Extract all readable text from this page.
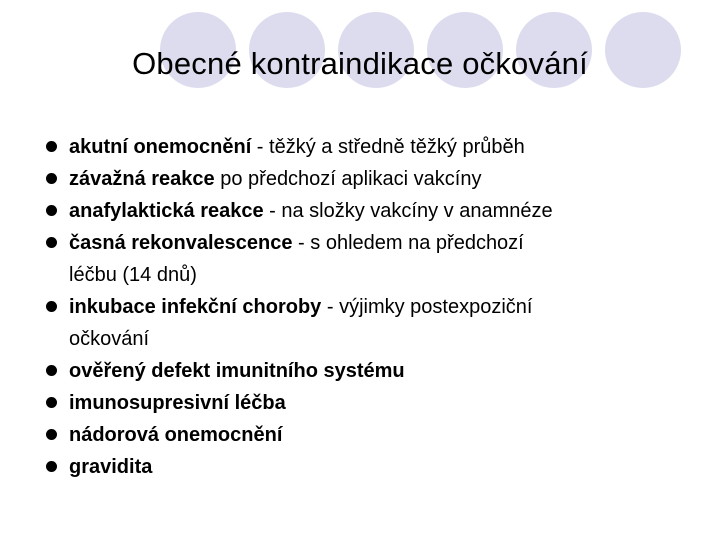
Obecné kontraindikace očkování
akutní onemocnění - těžký a středně těžký průběh
závažná reakce po předchozí aplikaci vakcíny
anafylaktická reakce - na složky vakcíny v anamnéze
časná rekonvalescence - s ohledem na předchozí
léčbu (14 dnů)
inkubace infekční choroby - výjimky postexpoziční
očkování
ověřený defekt imunitního systému
imunosupresivní léčba
nádorová onemocnění
gravidita
